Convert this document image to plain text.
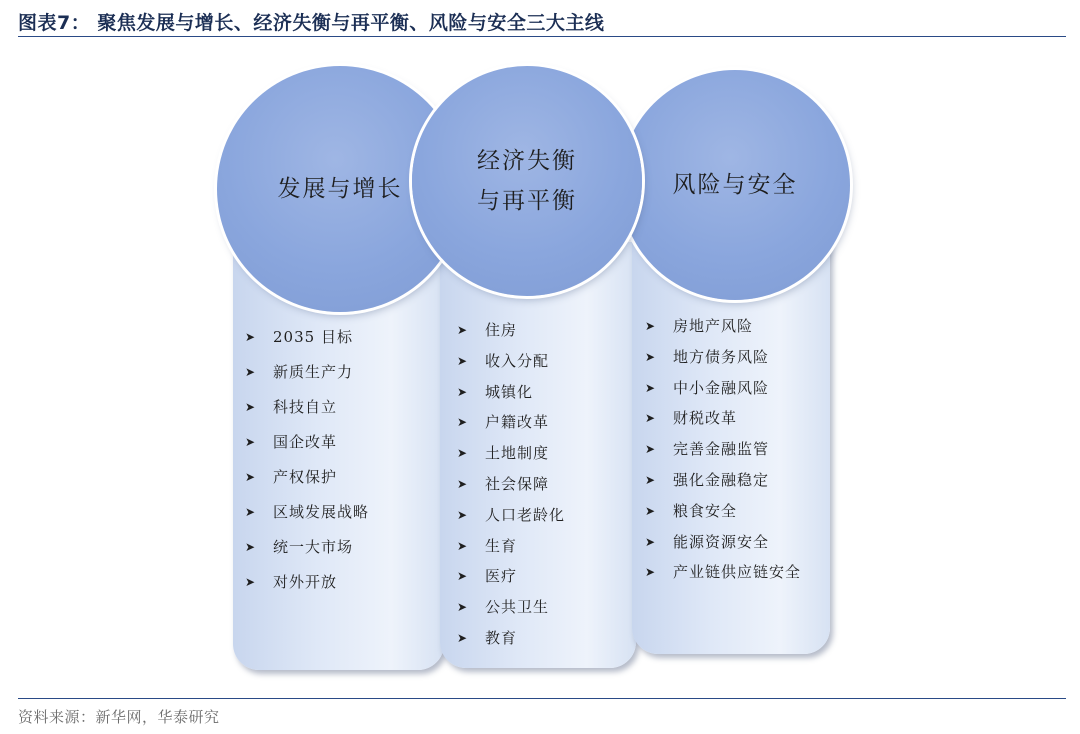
图表7： 聚焦发展与增长、经济失衡与再平衡、风险与安全三大主线
发展与增长	风险与安全
经济失衡
与再平衡
➤ 2035 目标
➤ 新质生产力
➤ 科技自立
➤ 国企改革
➤ 产权保护
➤ 区域发展战略
➤ 统一大市场
➤ 对外开放
➤ 住房
➤ 收入分配
➤ 城镇化
➤ 户籍改革
➤ 土地制度
➤ 社会保障
➤ 人口老龄化
➤ 生育
➤ 医疗
➤ 公共卫生
➤ 教育
➤ 房地产风险
➤ 地方债务风险
➤ 中小金融风险
➤ 财税改革
➤ 完善金融监管
➤ 强化金融稳定
➤ 粮食安全
➤ 能源资源安全
➤ 产业链供应链安全
资料来源：新华网，华泰研究
